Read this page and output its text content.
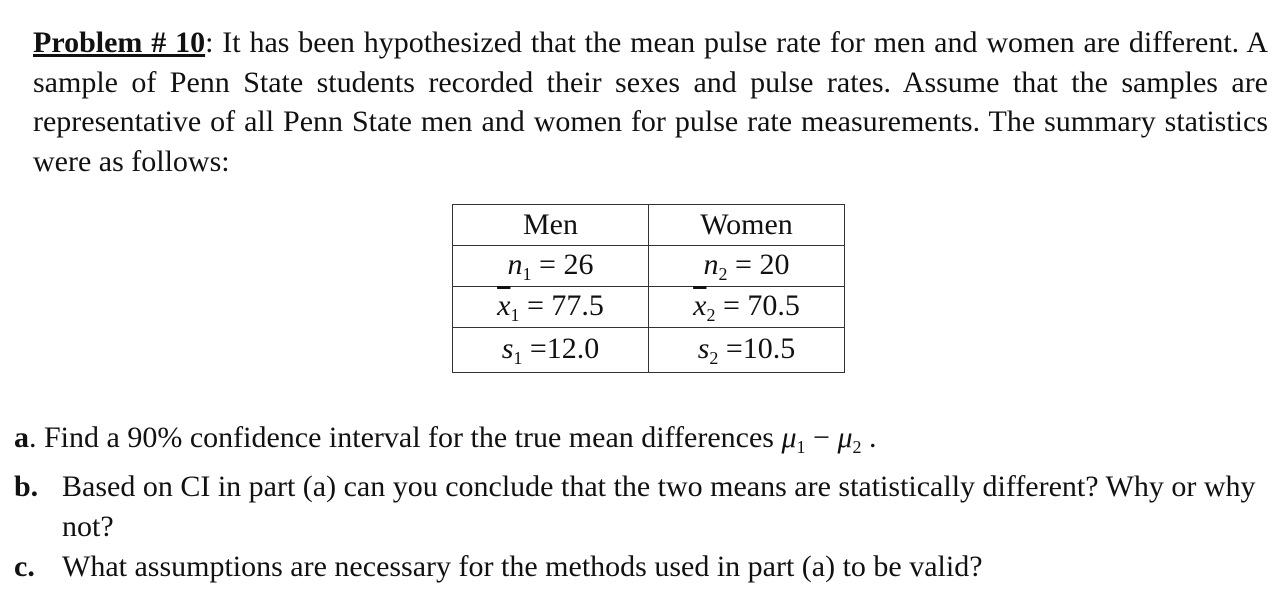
Problem # 10: It has been hypothesized that the mean pulse rate for men and women are different. A sample of Penn State students recorded their sexes and pulse rates. Assume that the samples are representative of all Penn State men and women for pulse rate measurements. The summary statistics were as follows:
Men	Women
$n_1 = 26$	$n_2 = 20$
$\overline{x}_1 = 77.5$	$\overline{x}_2 = 70.5$
$s_1 =12.0$	$s_2 =10.5$
a. Find a 90% confidence interval for the true mean differences $\mu_1 - \mu_2$ .
b. Based on CI in part (a) can you conclude that the two means are statistically different? Why or why not?
c. What assumptions are necessary for the methods used in part (a) to be valid?
